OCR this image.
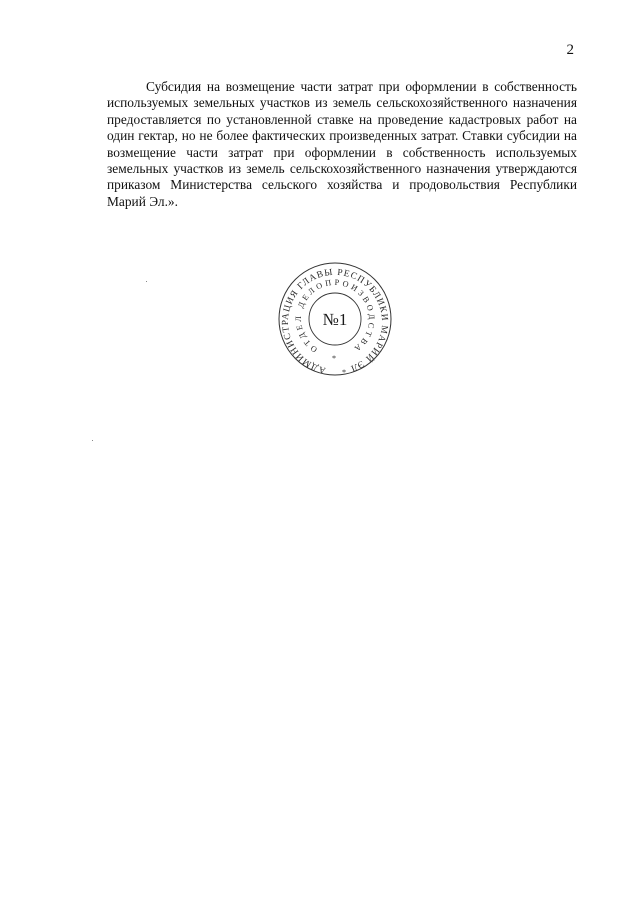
2

Субсидия на возмещение части затрат при оформлении в собственность используемых земельных участков из земель сельскохозяйственного назначения предоставляется по установленной ставке на проведение кадастровых работ на один гектар, но не более фактических произведенных затрат. Ставки субсидии на возмещение части затрат при оформлении в собственность используемых земельных участков из земель сельскохозяйственного назначения утверждаются приказом Министерства сельского хозяйства и продовольствия Республики Марий Эл.».

АДМИНИСТРАЦИЯ ГЛАВЫ РЕСПУБЛИКИ МАРИЙ ЭЛ
ОТДЕЛ ДЕЛОПРОИЗВОДСТВА
№1
*
*
